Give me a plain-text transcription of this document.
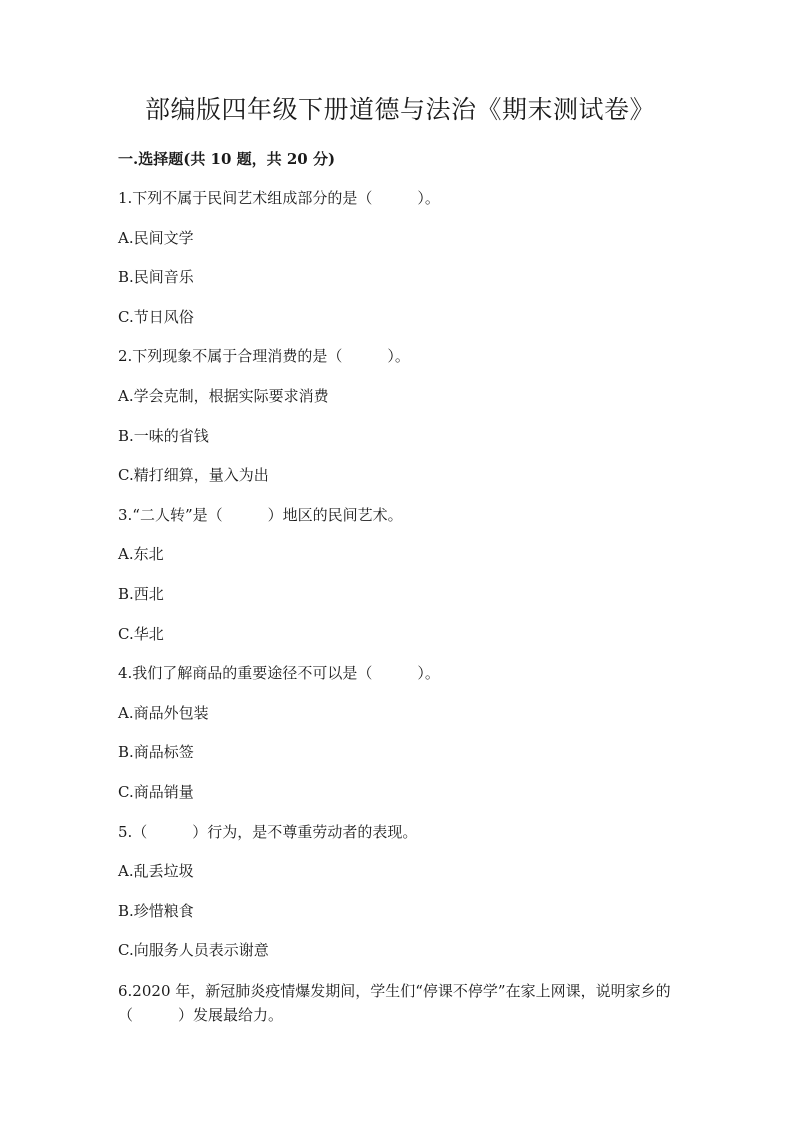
部编版四年级下册道德与法治《期末测试卷》
一.选择题(共 10 题，共 20 分)

1.下列不属于民间艺术组成部分的是（　　　）。

A.民间文学

B.民间音乐

C.节日风俗

2.下列现象不属于合理消费的是（　　　）。

A.学会克制，根据实际要求消费

B.一味的省钱

C.精打细算，量入为出

3.“二人转”是（　　　）地区的民间艺术。

A.东北

B.西北

C.华北

4.我们了解商品的重要途径不可以是（　　　）。

A.商品外包装

B.商品标签

C.商品销量

5.（　　　）行为，是不尊重劳动者的表现。

A.乱丢垃圾

B.珍惜粮食

C.向服务人员表示谢意

6.2020 年，新冠肺炎疫情爆发期间，学生们“停课不停学”在家上网课，说明家乡的（　　　）发展最给力。
